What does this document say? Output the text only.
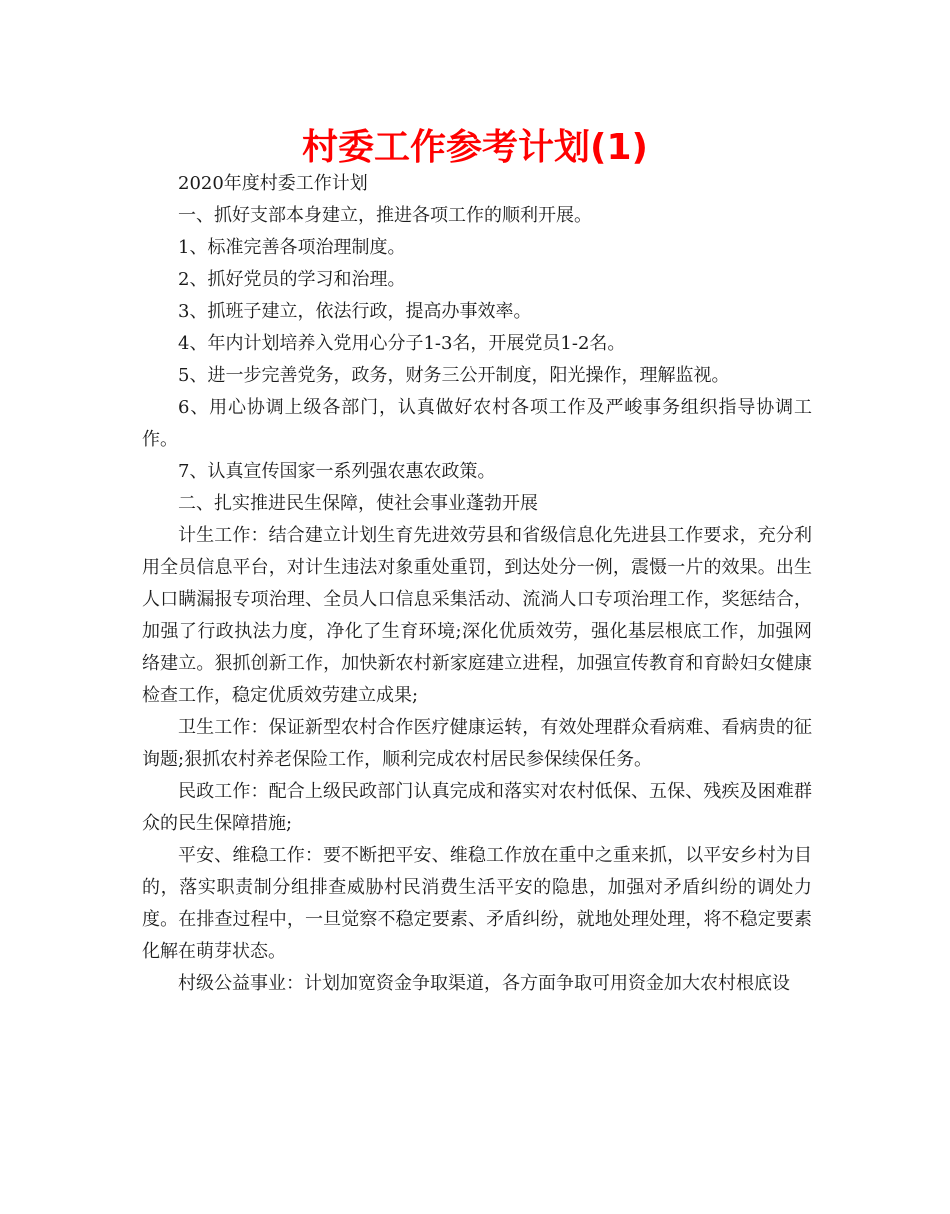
村委工作参考计划(1)

2020年度村委工作计划

一、抓好支部本身建立，推进各项工作的顺利开展。

1、标准完善各项治理制度。

2、抓好党员的学习和治理。

3、抓班子建立，依法行政，提高办事效率。

4、年内计划培养入党用心分子1-3名，开展党员1-2名。

5、进一步完善党务，政务，财务三公开制度，阳光操作，理解监视。

6、用心协调上级各部门，认真做好农村各项工作及严峻事务组织指导协调工作。

7、认真宣传国家一系列强农惠农政策。

二、扎实推进民生保障，使社会事业蓬勃开展

计生工作：结合建立计划生育先进效劳县和省级信息化先进县工作要求，充分利用全员信息平台，对计生违法对象重处重罚，到达处分一例，震慑一片的效果。出生人口瞒漏报专项治理、全员人口信息采集活动、流淌人口专项治理工作，奖惩结合，加强了行政执法力度，净化了生育环境;深化优质效劳，强化基层根底工作，加强网络建立。狠抓创新工作，加快新农村新家庭建立进程，加强宣传教育和育龄妇女健康检查工作，稳定优质效劳建立成果;

卫生工作：保证新型农村合作医疗健康运转，有效处理群众看病难、看病贵的征询题;狠抓农村养老保险工作，顺利完成农村居民参保续保任务。

民政工作：配合上级民政部门认真完成和落实对农村低保、五保、残疾及困难群众的民生保障措施;

平安、维稳工作：要不断把平安、维稳工作放在重中之重来抓，以平安乡村为目的，落实职责制分组排查威胁村民消费生活平安的隐患，加强对矛盾纠纷的调处力度。在排查过程中，一旦觉察不稳定要素、矛盾纠纷，就地处理处理，将不稳定要素化解在萌芽状态。

村级公益事业：计划加宽资金争取渠道，各方面争取可用资金加大农村根底设
